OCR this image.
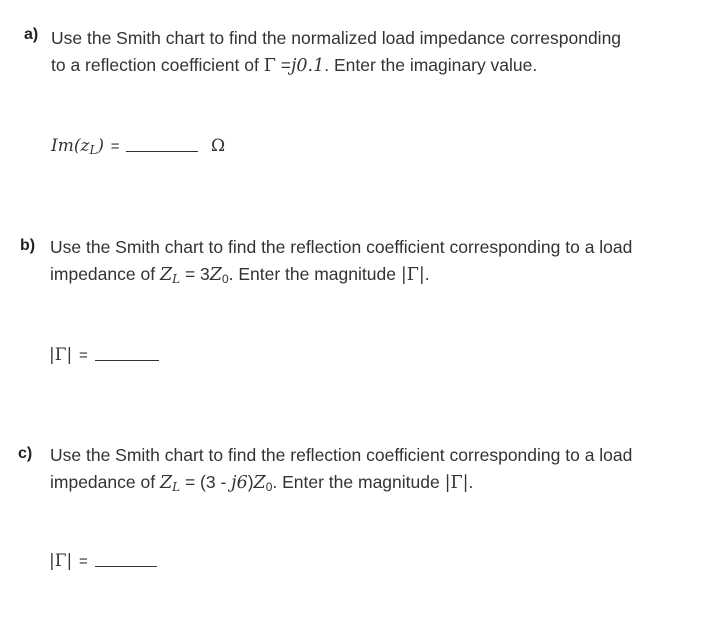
a) Use the Smith chart to find the normalized load impedance corresponding
to a reflection coefficient of Γ =j0.1. Enter the imaginary value.
$Im(z_L)$ =	Ω
b) Use the Smith chart to find the reflection coefficient corresponding to a load
impedance of $Z_L = 3Z_0$. Enter the magnitude |Γ|.
|Γ| =
c) Use the Smith chart to find the reflection coefficient corresponding to a load
impedance of $Z_L = (3 - j6)Z_0$. Enter the magnitude |Γ|.
|Γ| =
